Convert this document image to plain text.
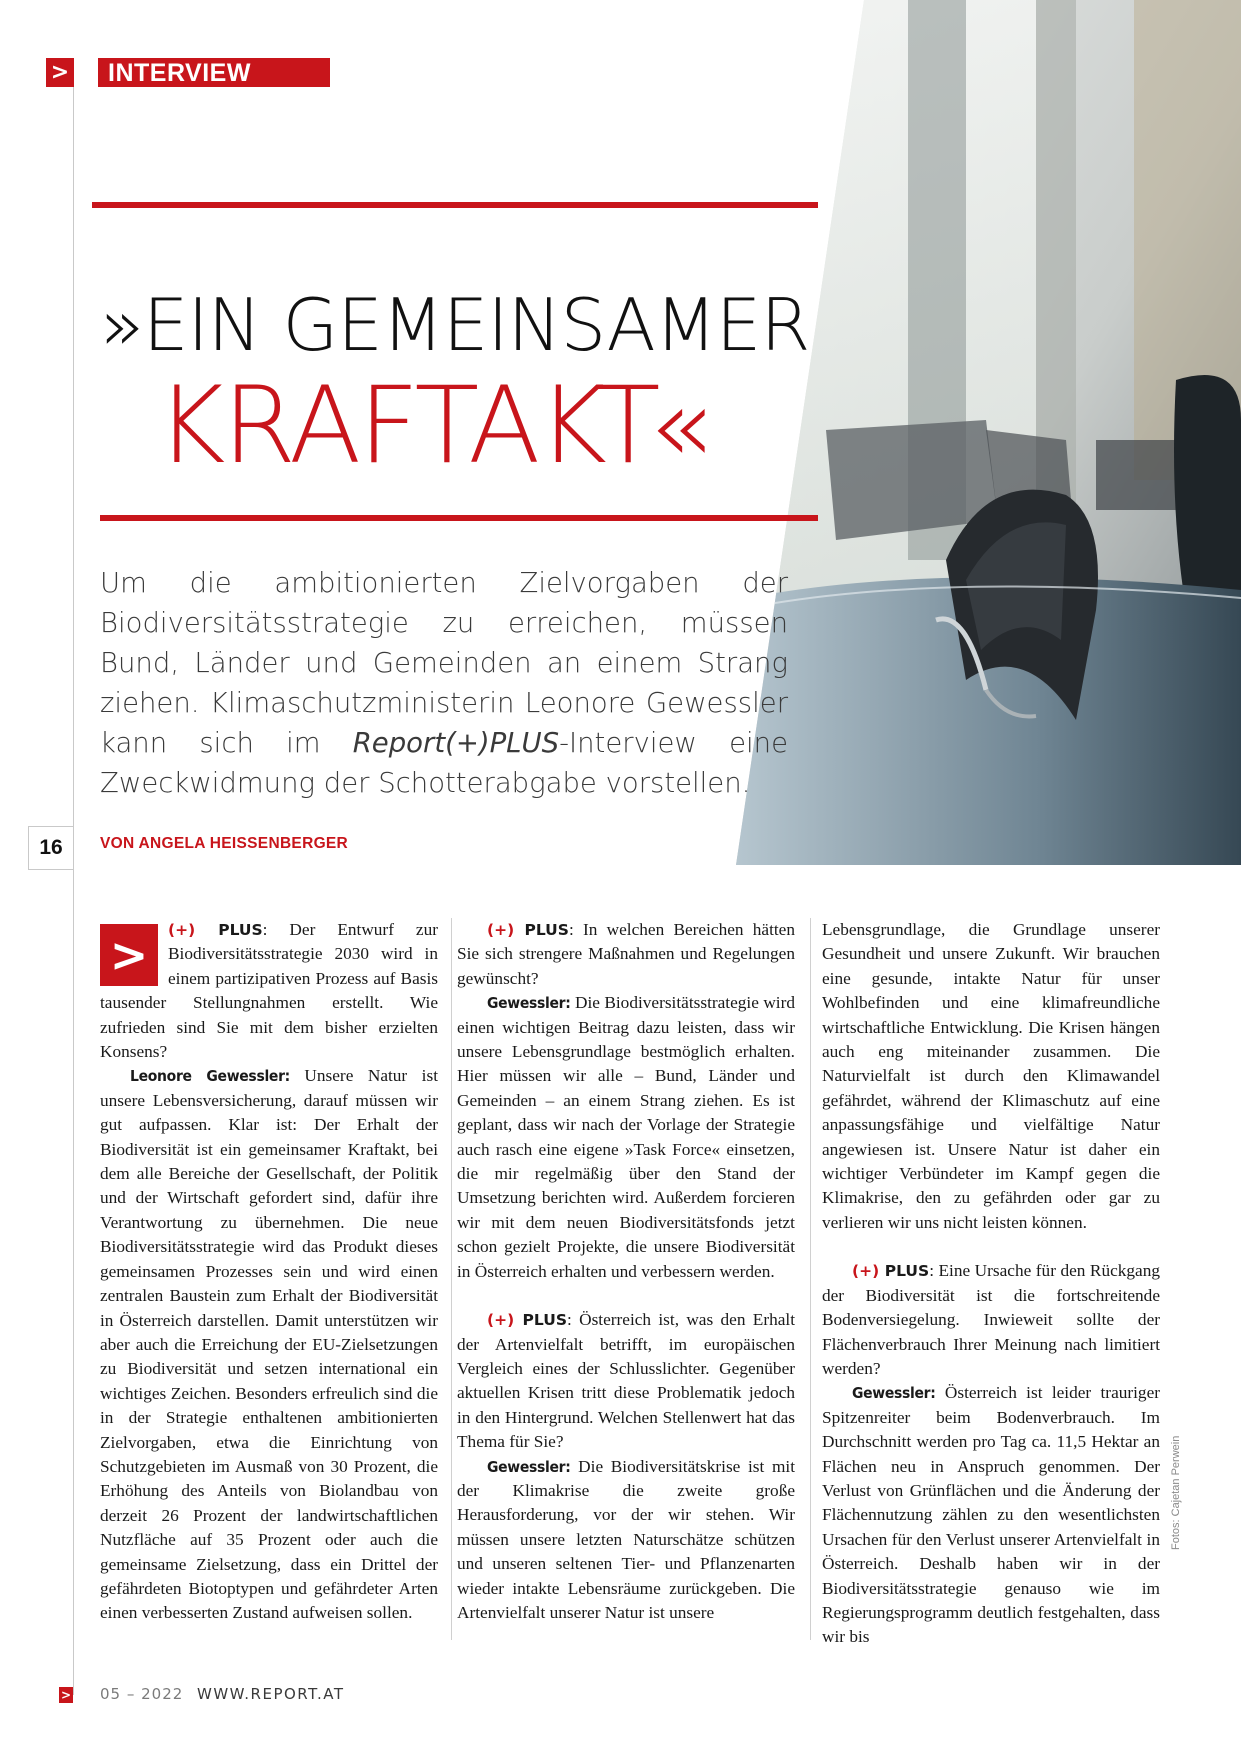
> INTERVIEW
»EIN GEMEINSAMER
KRAFTAKT«
Um die ambitionierten Zielvorgaben der Biodiversitätsstrategie zu erreichen, müssen Bund, Länder und Gemeinden an einem Strang ziehen. Klimaschutzministerin Leonore Gewessler kann sich im Report(+)PLUS-Interview eine Zweckwidmung der Schotterabgabe vorstellen.
16	VON ANGELA HEISSENBERGER

>	(+) PLUS: Der Entwurf zur Biodiversitätsstrategie 2030 wird in einem partizipativen Prozess auf Basis tausender Stellungnahmen erstellt. Wie zufrieden sind Sie mit dem bisher erzielten Konsens?

Leonore Gewessler: Unsere Natur ist unsere Lebensversicherung, darauf müssen wir gut aufpassen. Klar ist: Der Erhalt der Biodiversität ist ein gemeinsamer Kraftakt, bei dem alle Bereiche der Gesellschaft, der Politik und der Wirtschaft gefordert sind, dafür ihre Verantwortung zu übernehmen. Die neue Biodiversitätsstrategie wird das Produkt dieses gemeinsamen Prozesses sein und wird einen zentralen Baustein zum Erhalt der Biodiversität in Österreich darstellen. Damit unterstützen wir aber auch die Erreichung der EU-Zielsetzungen zu Biodiversität und setzen international ein wichtiges Zeichen. Besonders erfreulich sind die in der Strategie enthaltenen ambitionierten Zielvorgaben, etwa die Einrichtung von Schutzgebieten im Ausmaß von 30 Prozent, die Erhöhung des Anteils von Biolandbau von derzeit 26 Prozent der landwirtschaftlichen Nutzfläche auf 35 Prozent oder auch die gemeinsame Zielsetzung, dass ein Drittel der gefährdeten Biotoptypen und gefährdeter Arten einen verbesserten Zustand aufweisen sollen.

(+) PLUS: In welchen Bereichen hätten Sie sich strengere Maßnahmen und Regelungen gewünscht?

Gewessler: Die Biodiversitätsstrategie wird einen wichtigen Beitrag dazu leisten, dass wir unsere Lebensgrundlage bestmöglich erhalten. Hier müssen wir alle – Bund, Länder und Gemeinden – an einem Strang ziehen. Es ist geplant, dass wir nach der Vorlage der Strategie auch rasch eine eigene »Task Force« einsetzen, die mir regelmäßig über den Stand der Umsetzung berichten wird. Außerdem forcieren wir mit dem neuen Biodiversitätsfonds jetzt schon gezielt Projekte, die unsere Biodiversität in Österreich erhalten und verbessern werden.

(+) PLUS: Österreich ist, was den Erhalt der Artenvielfalt betrifft, im europäischen Vergleich eines der Schlusslichter. Gegenüber aktuellen Krisen tritt diese Problematik jedoch in den Hintergrund. Welchen Stellenwert hat das Thema für Sie?

Gewessler: Die Biodiversitätskrise ist mit der Klimakrise die zweite große Herausforderung, vor der wir stehen. Wir müssen unsere letzten Naturschätze schützen und unseren seltenen Tier- und Pflanzenarten wieder intakte Lebensräume zurückgeben. Die Artenvielfalt unserer Natur ist unsere

Lebensgrundlage, die Grundlage unserer Gesundheit und unsere Zukunft. Wir brauchen eine gesunde, intakte Natur für unser Wohlbefinden und eine klimafreundliche wirtschaftliche Entwicklung. Die Krisen hängen auch eng miteinander zusammen. Die Naturvielfalt ist durch den Klimawandel gefährdet, während der Klimaschutz auf eine anpassungsfähige und vielfältige Natur angewiesen ist. Unsere Natur ist daher ein wichtiger Verbündeter im Kampf gegen die Klimakrise, den zu gefährden oder gar zu verlieren wir uns nicht leisten können.

(+) PLUS: Eine Ursache für den Rückgang der Biodiversität ist die fortschreitende Bodenversiegelung. Inwieweit sollte der Flächenverbrauch Ihrer Meinung nach limitiert werden?

Gewessler: Österreich ist leider trauriger Spitzenreiter beim Bodenverbrauch. Im Durchschnitt werden pro Tag ca. 11,5 Hektar an Flächen neu in Anspruch genommen. Der Verlust von Grünflächen und die Änderung der Flächennutzung zählen zu den wesentlichsten Ursachen für den Verlust unserer Artenvielfalt in Österreich. Deshalb haben wir in der Biodiversitätsstrategie genauso wie im Regierungsprogramm deutlich festgehalten, dass wir bis

> 05 – 2022 WWW.REPORT.AT
Fotos: Cajetan Perwein
